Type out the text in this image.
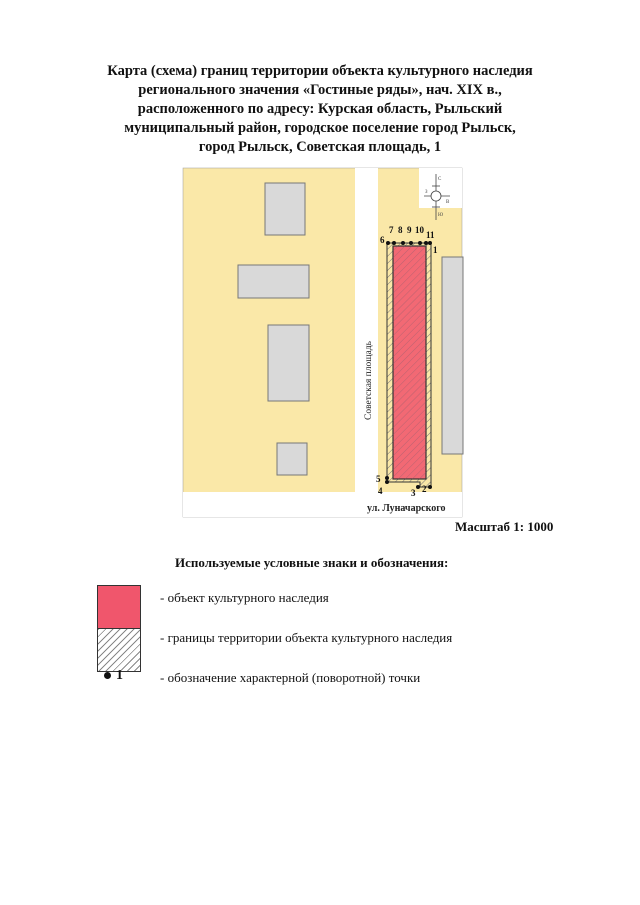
Карта (схема) границ территории объекта культурного наследия
регионального значения «Гостиные ряды», нач. XIX в.,
расположенного по адресу: Курская область, Рыльский
муниципальный район, городское поселение город Рыльск,
город Рыльск, Советская площадь, 1
1
2
3
4
5
6
7 8 9 10 11
Советская площадь
ул. Луначарского
С
Ю
З
В
Масштаб 1: 1000
Используемые условные знаки и обозначения:
- объект культурного наследия
- границы территории объекта культурного наследия
1	- обозначение характерной (поворотной) точки
